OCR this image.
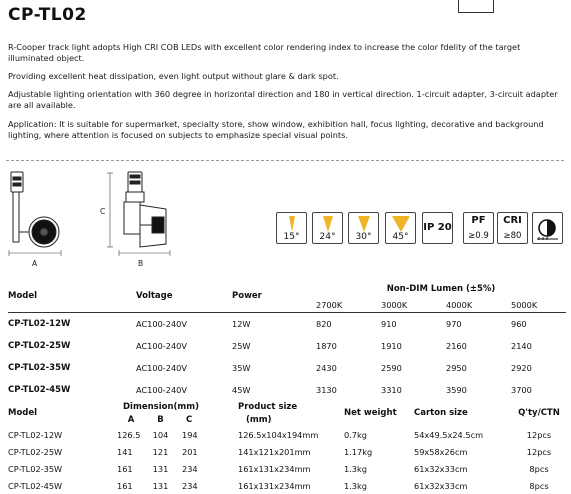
CP-TL02
R-Cooper track light adopts High CRI COB LEDs with excellent color rendering index to increase the color fdelity of the target illuminated object.
Providing excellent heat dissipation, even light output without glare & dark spot.
Adjustable lighting orientation with 360 degree in horizontal direction and 180 in vertical direction. 1-circuit adapter, 3-circuit adapter are all available.
Application: It is suitable for supermarket, specialty store, show window, exhibition hall, focus lighting, decorative and background lighting, where attention is focused on subjects to emphasize special visual points.
A	B
C
15°	24°	30°	45°
IP 20
PF
≥0.9
CRI
≥80
Model	Voltage	Power	Non-DIM Lumen (±5%)			
			2700K	3000K	4000K	5000K
CP-TL02-12W	AC100-240V	12W	820	910	970	960
CP-TL02-25W	AC100-240V	25W	1870	1910	2160	2140
CP-TL02-35W	AC100-240V	35W	2430	2590	2950	2920
CP-TL02-45W	AC100-240V	45W	3130	3310	3590	3700
Model	Dimension(mm)			Product size	Net weight	Carton size	Q'ty/CTN
	A	B	C	(mm)			
CP-TL02-12W	126.5	104	194	126.5x104x194mm	0.7kg	54x49.5x24.5cm	12pcs
CP-TL02-25W	141	121	201	141x121x201mm	1.17kg	59x58x26cm	12pcs
CP-TL02-35W	161	131	234	161x131x234mm	1.3kg	61x32x33cm	8pcs
CP-TL02-45W	161	131	234	161x131x234mm	1.3kg	61x32x33cm	8pcs
